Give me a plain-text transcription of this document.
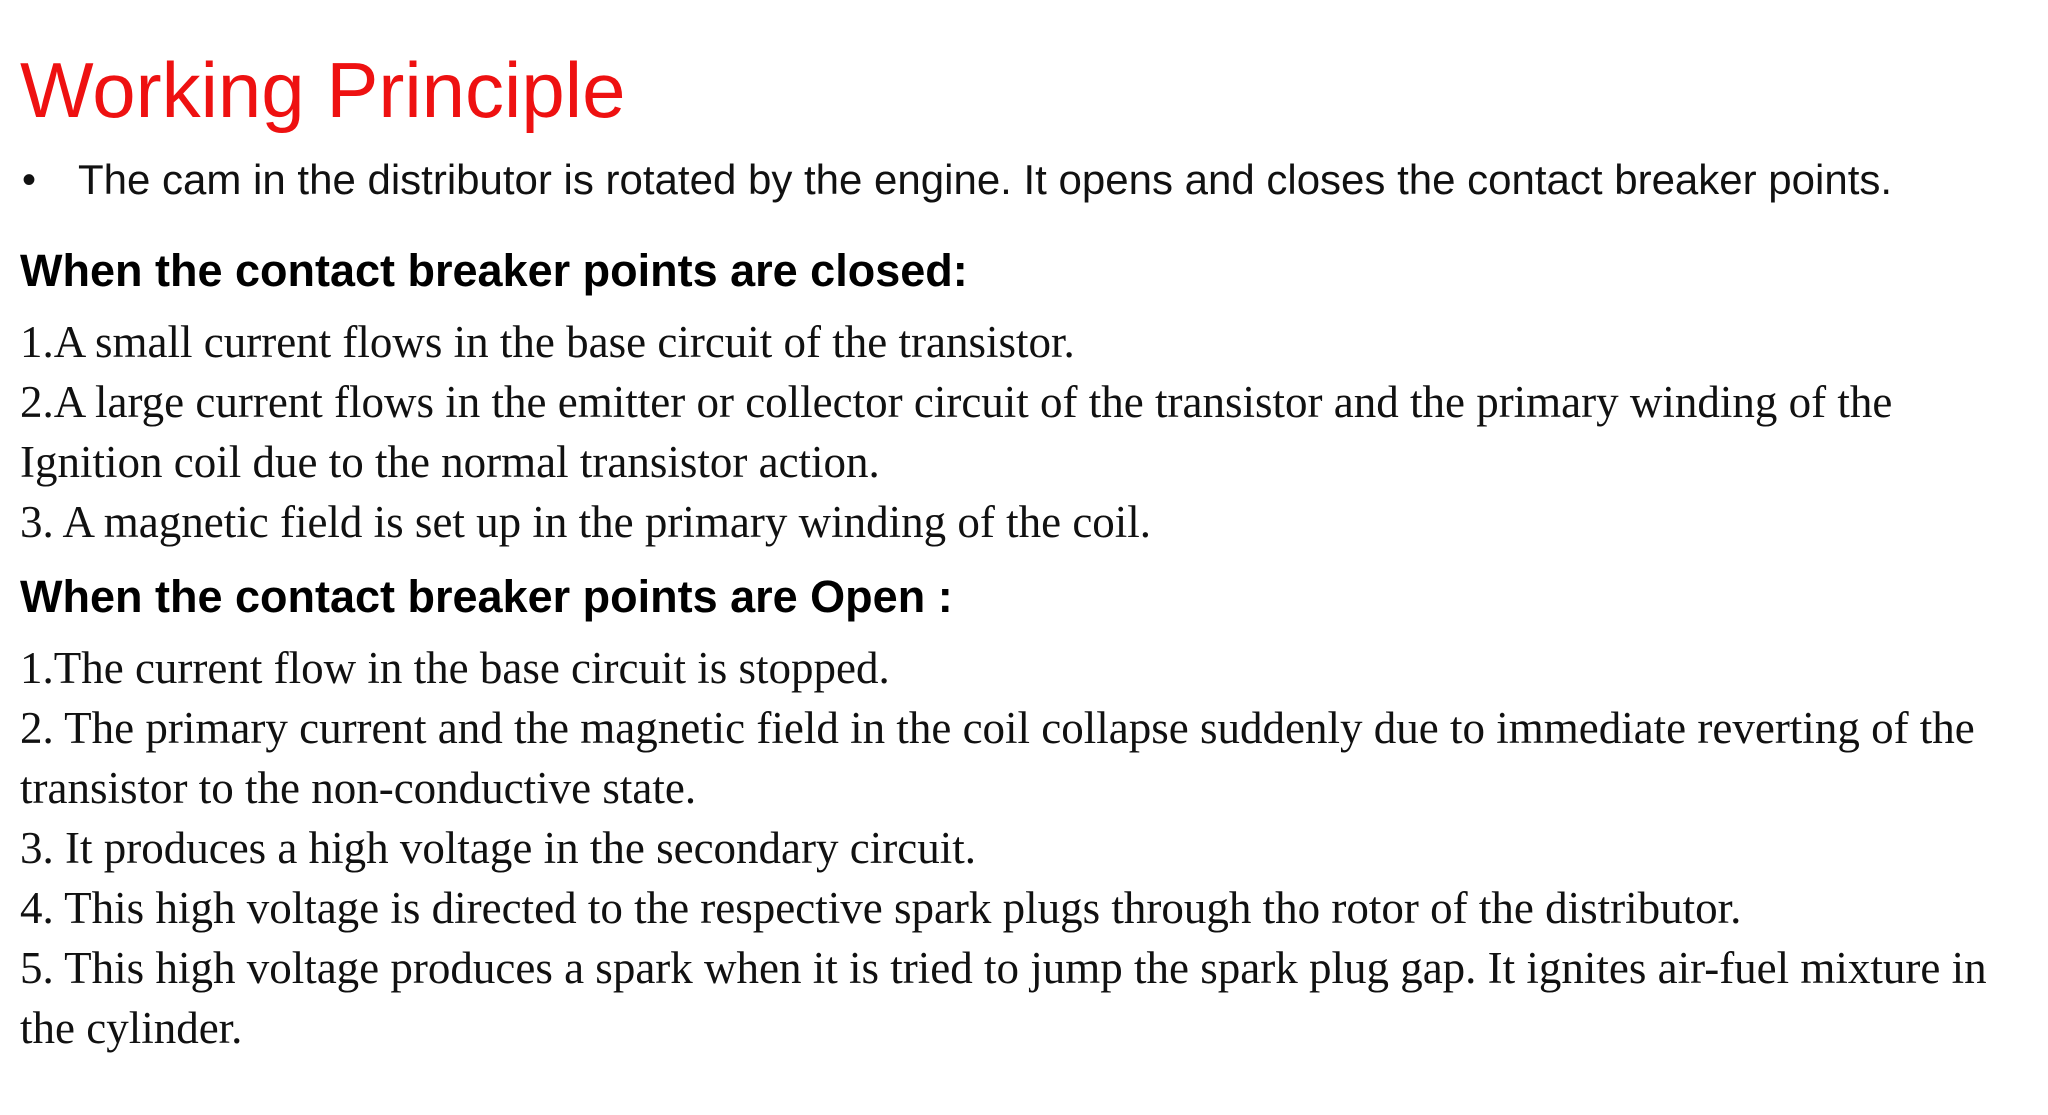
Working Principle
• The cam in the distributor is rotated by the engine. It opens and closes the contact breaker points.
When the contact breaker points are closed:
1.A small current flows in the base circuit of the transistor.
2.A large current flows in the emitter or collector circuit of the transistor and the primary winding of the Ignition coil due to the normal transistor action.
3. A magnetic field is set up in the primary winding of the coil.
When the contact breaker points are Open :
1.The current flow in the base circuit is stopped.
2. The primary current and the magnetic field in the coil collapse suddenly due to immediate reverting of the transistor to the non-conductive state.
3. It produces a high voltage in the secondary circuit.
4. This high voltage is directed to the respective spark plugs through tho rotor of the distributor.
5. This high voltage produces a spark when it is tried to jump the spark plug gap. It ignites air-fuel mixture in the cylinder.
